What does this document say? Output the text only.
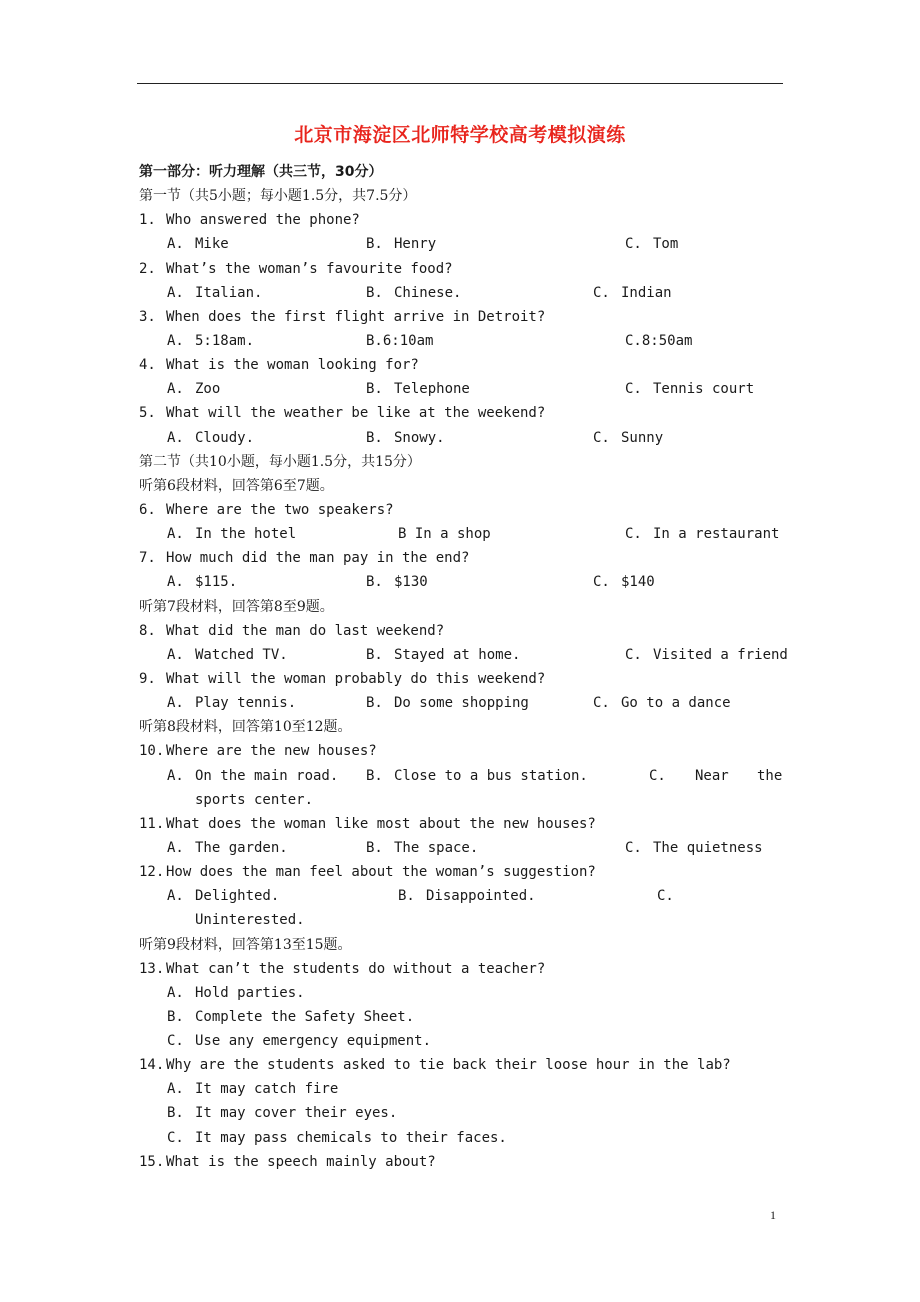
北京市海淀区北师特学校高考模拟演练
第一部分：听力理解（共三节，30分）
第一节（共5小题；每小题1.5分，共7.5分）
1. Who answered the phone?
A. Mike	B. Henry	C. Tom
2. What’s the woman’s favourite food?
A. Italian.	B. Chinese.	C. Indian
3. When does the first flight arrive in Detroit?
A. 5:18am.	B.6:10am	C.8:50am
4. What is the woman looking for?
A. Zoo	B. Telephone	C. Tennis court
5. What will the weather be like at the weekend?
A. Cloudy.	B. Snowy.	C. Sunny
第二节（共10小题，每小题1.5分，共15分）
听第6段材料，回答第6至7题。
6. Where are the two speakers?
A. In the hotel	B In a shop	C. In a restaurant
7. How much did the man pay in the end?
A. $115.	B. $130	C. $140
听第7段材料，回答第8至9题。
8. What did the man do last weekend?
A. Watched TV.	B. Stayed at home.	C. Visited a friend
9. What will the woman probably do this weekend?
A. Play tennis.	B. Do some shopping	C. Go to a dance
听第8段材料，回答第10至12题。
10. Where are the new houses?
A. On the main road. B. Close to a bus station.	C. Near the
sports center.
11. What does the woman like most about the new houses?
A. The garden.	B. The space.	C. The quietness
12. How does the man feel about the woman’s suggestion?
A. Delighted.	B. Disappointed.	C.
Uninterested.
听第9段材料，回答第13至15题。
13. What can’t the students do without a teacher?
A. Hold parties.
B. Complete the Safety Sheet.
C. Use any emergency equipment.
14. Why are the students asked to tie back their loose hour in the lab?
A. It may catch fire
B. It may cover their eyes.
C. It may pass chemicals to their faces.
15. What is the speech mainly about?
1
